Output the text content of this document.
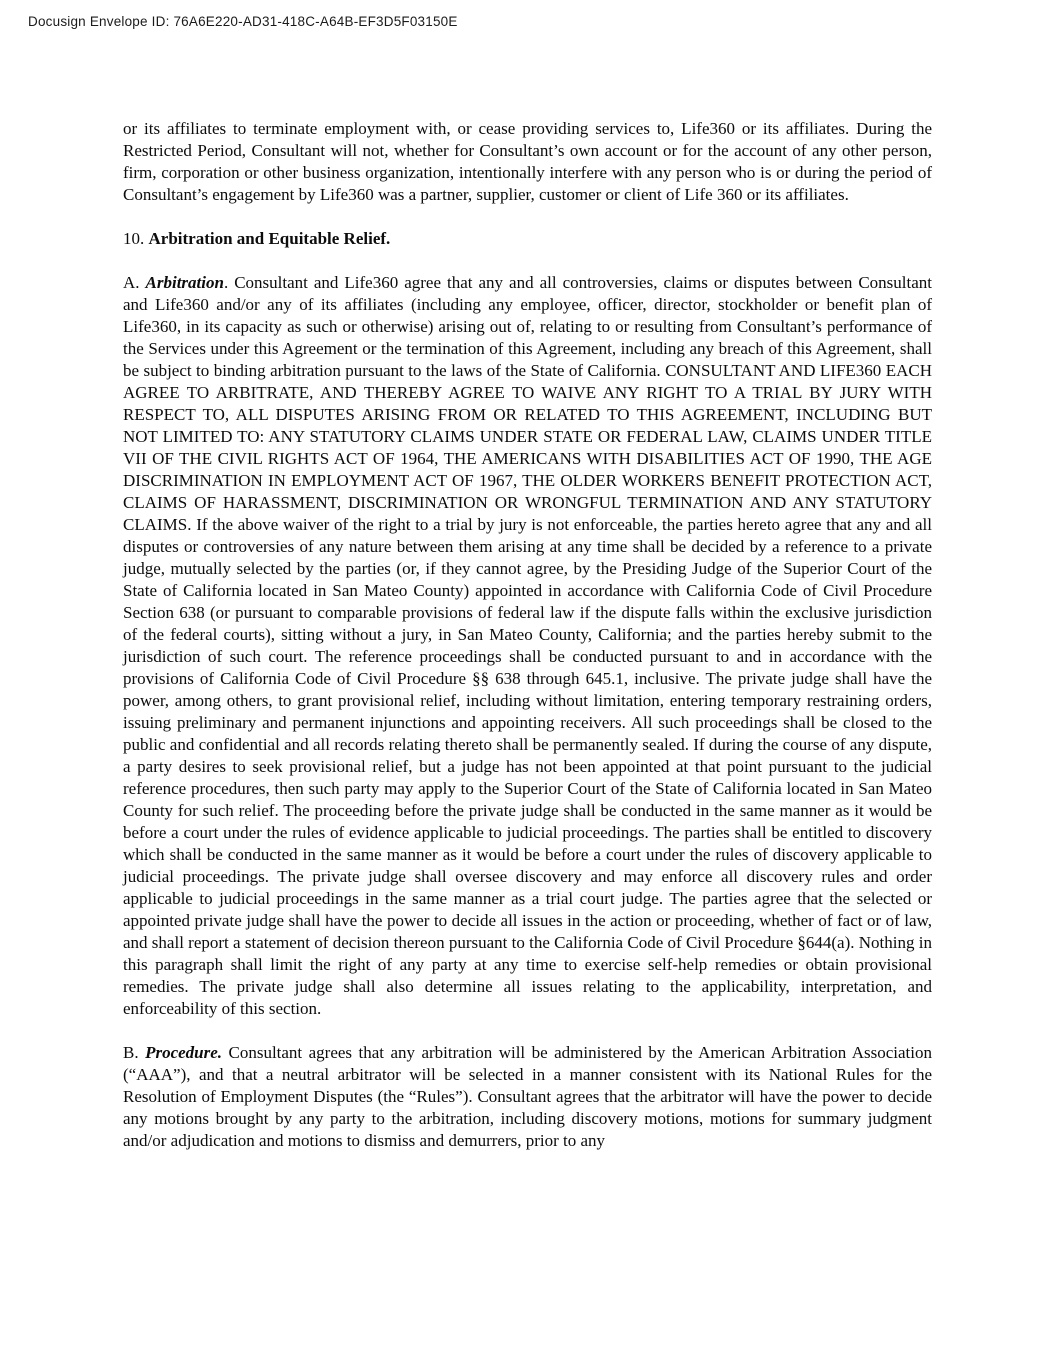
Docusign Envelope ID: 76A6E220-AD31-418C-A64B-EF3D5F03150E

or its affiliates to terminate employment with, or cease providing services to, Life360 or its affiliates. During the Restricted Period, Consultant will not, whether for Consultant’s own account or for the account of any other person, firm, corporation or other business organization, intentionally interfere with any person who is or during the period of Consultant’s engagement by Life360 was a partner, supplier, customer or client of Life 360 or its affiliates.

10. Arbitration and Equitable Relief.

A. Arbitration. Consultant and Life360 agree that any and all controversies, claims or disputes between Consultant and Life360 and/or any of its affiliates (including any employee, officer, director, stockholder or benefit plan of Life360, in its capacity as such or otherwise) arising out of, relating to or resulting from Consultant’s performance of the Services under this Agreement or the termination of this Agreement, including any breach of this Agreement, shall be subject to binding arbitration pursuant to the laws of the State of California. CONSULTANT AND LIFE360 EACH AGREE TO ARBITRATE, AND THEREBY AGREE TO WAIVE ANY RIGHT TO A TRIAL BY JURY WITH RESPECT TO, ALL DISPUTES ARISING FROM OR RELATED TO THIS AGREEMENT, INCLUDING BUT NOT LIMITED TO: ANY STATUTORY CLAIMS UNDER STATE OR FEDERAL LAW, CLAIMS UNDER TITLE VII OF THE CIVIL RIGHTS ACT OF 1964, THE AMERICANS WITH DISABILITIES ACT OF 1990, THE AGE DISCRIMINATION IN EMPLOYMENT ACT OF 1967, THE OLDER WORKERS BENEFIT PROTECTION ACT, CLAIMS OF HARASSMENT, DISCRIMINATION OR WRONGFUL TERMINATION AND ANY STATUTORY CLAIMS. If the above waiver of the right to a trial by jury is not enforceable, the parties hereto agree that any and all disputes or controversies of any nature between them arising at any time shall be decided by a reference to a private judge, mutually selected by the parties (or, if they cannot agree, by the Presiding Judge of the Superior Court of the State of California located in San Mateo County) appointed in accordance with California Code of Civil Procedure Section 638 (or pursuant to comparable provisions of federal law if the dispute falls within the exclusive jurisdiction of the federal courts), sitting without a jury, in San Mateo County, California; and the parties hereby submit to the jurisdiction of such court. The reference proceedings shall be conducted pursuant to and in accordance with the provisions of California Code of Civil Procedure §§ 638 through 645.1, inclusive. The private judge shall have the power, among others, to grant provisional relief, including without limitation, entering temporary restraining orders, issuing preliminary and permanent injunctions and appointing receivers. All such proceedings shall be closed to the public and confidential and all records relating thereto shall be permanently sealed. If during the course of any dispute, a party desires to seek provisional relief, but a judge has not been appointed at that point pursuant to the judicial reference procedures, then such party may apply to the Superior Court of the State of California located in San Mateo County for such relief. The proceeding before the private judge shall be conducted in the same manner as it would be before a court under the rules of evidence applicable to judicial proceedings. The parties shall be entitled to discovery which shall be conducted in the same manner as it would be before a court under the rules of discovery applicable to judicial proceedings. The private judge shall oversee discovery and may enforce all discovery rules and order applicable to judicial proceedings in the same manner as a trial court judge. The parties agree that the selected or appointed private judge shall have the power to decide all issues in the action or proceeding, whether of fact or of law, and shall report a statement of decision thereon pursuant to the California Code of Civil Procedure §644(a). Nothing in this paragraph shall limit the right of any party at any time to exercise self-help remedies or obtain provisional remedies. The private judge shall also determine all issues relating to the applicability, interpretation, and enforceability of this section.

B. Procedure. Consultant agrees that any arbitration will be administered by the American Arbitration Association (“AAA”), and that a neutral arbitrator will be selected in a manner consistent with its National Rules for the Resolution of Employment Disputes (the “Rules”). Consultant agrees that the arbitrator will have the power to decide any motions brought by any party to the arbitration, including discovery motions, motions for summary judgment and/or adjudication and motions to dismiss and demurrers, prior to any
